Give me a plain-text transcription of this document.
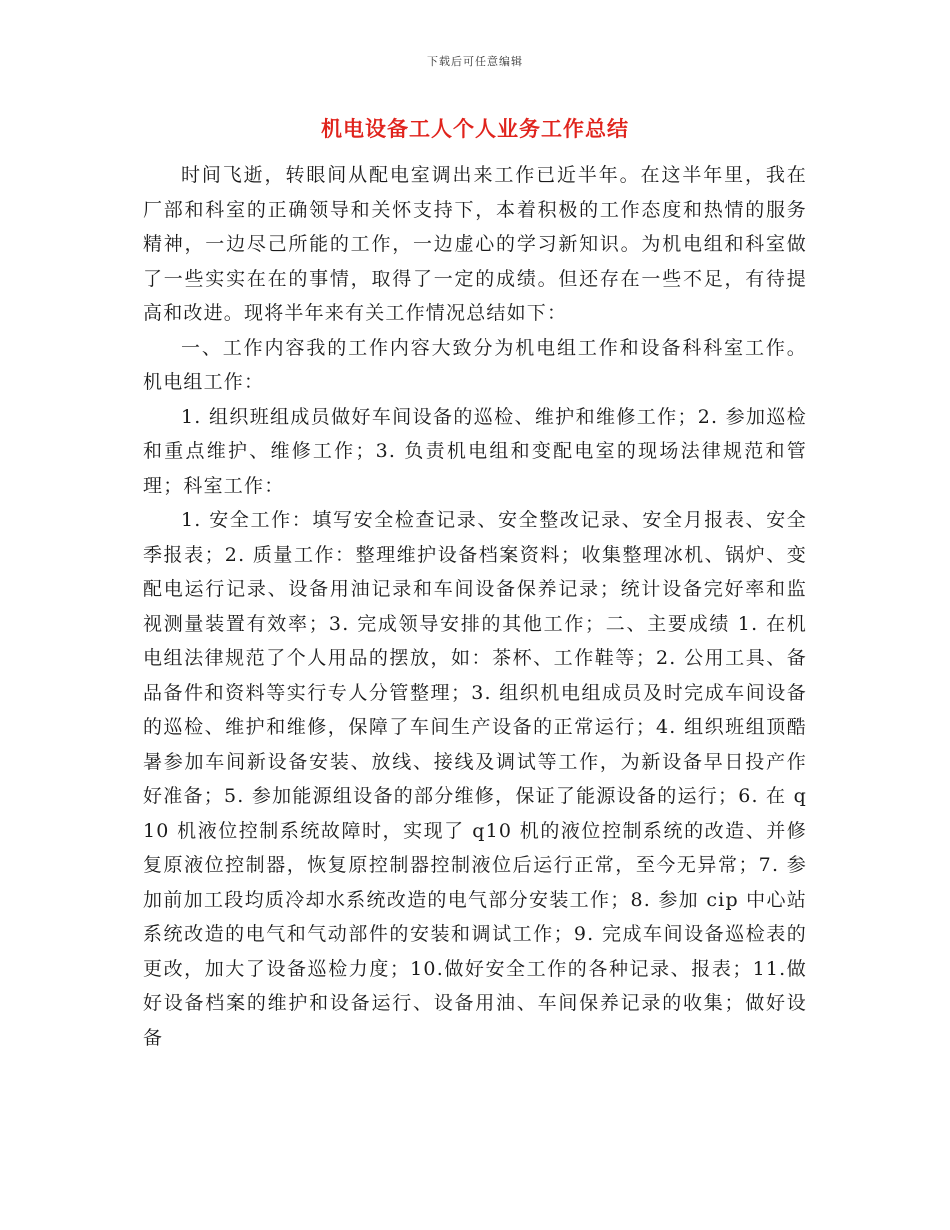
下载后可任意编辑
机电设备工人个人业务工作总结

时间飞逝，转眼间从配电室调出来工作已近半年。在这半年里，我在厂部和科室的正确领导和关怀支持下，本着积极的工作态度和热情的服务精神，一边尽己所能的工作，一边虚心的学习新知识。为机电组和科室做了一些实实在在的事情，取得了一定的成绩。但还存在一些不足，有待提高和改进。现将半年来有关工作情况总结如下：

一、工作内容我的工作内容大致分为机电组工作和设备科科室工作。机电组工作：

1. 组织班组成员做好车间设备的巡检、维护和维修工作；2. 参加巡检和重点维护、维修工作；3. 负责机电组和变配电室的现场法律规范和管理；科室工作：

1. 安全工作：填写安全检查记录、安全整改记录、安全月报表、安全季报表；2. 质量工作：整理维护设备档案资料；收集整理冰机、锅炉、变配电运行记录、设备用油记录和车间设备保养记录；统计设备完好率和监视测量装置有效率；3. 完成领导安排的其他工作；二、主要成绩 1. 在机电组法律规范了个人用品的摆放，如：茶杯、工作鞋等；2. 公用工具、备品备件和资料等实行专人分管整理；3. 组织机电组成员及时完成车间设备的巡检、维护和维修，保障了车间生产设备的正常运行；4. 组织班组顶酷暑参加车间新设备安装、放线、接线及调试等工作，为新设备早日投产作好准备；5. 参加能源组设备的部分维修，保证了能源设备的运行；6. 在 q10 机液位控制系统故障时，实现了 q10 机的液位控制系统的改造、并修复原液位控制器，恢复原控制器控制液位后运行正常，至今无异常；7. 参加前加工段均质冷却水系统改造的电气部分安装工作；8. 参加 cip 中心站系统改造的电气和气动部件的安装和调试工作；9. 完成车间设备巡检表的更改，加大了设备巡检力度；10.做好安全工作的各种记录、报表；11.做好设备档案的维护和设备运行、设备用油、车间保养记录的收集；做好设备
